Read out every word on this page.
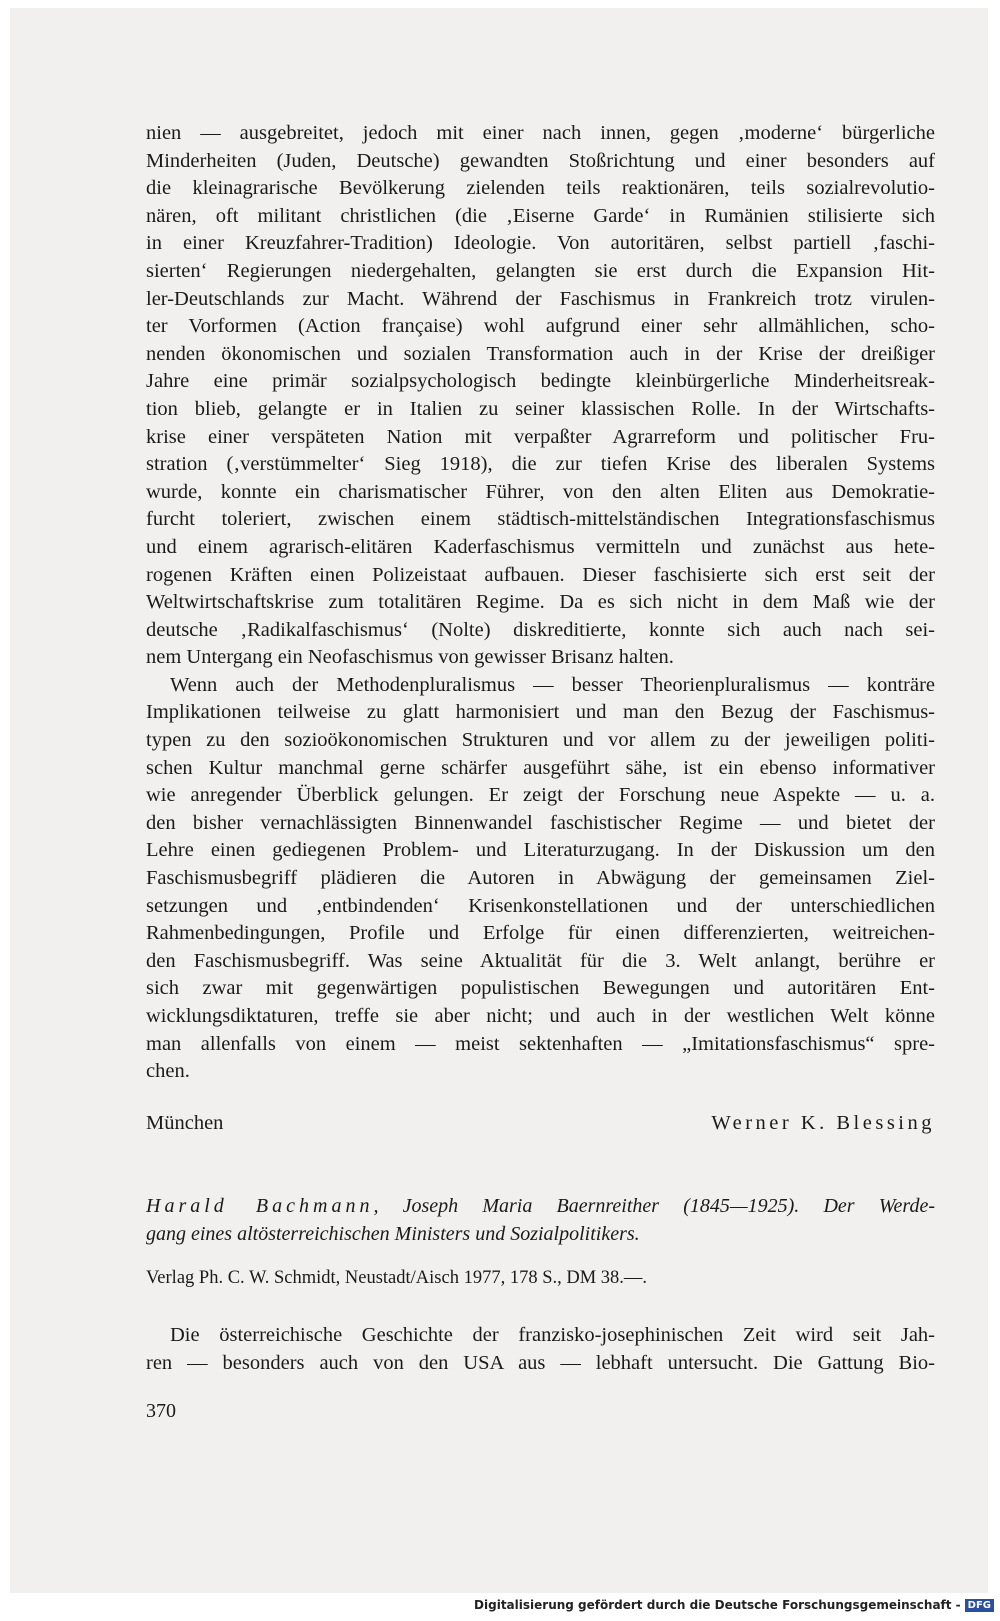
nien — ausgebreitet, jedoch mit einer nach innen, gegen ‚moderne‘ bürgerliche
Minderheiten (Juden, Deutsche) gewandten Stoßrichtung und einer besonders auf
die kleinagrarische Bevölkerung zielenden teils reaktionären, teils sozialrevolutio-
nären, oft militant christlichen (die ‚Eiserne Garde‘ in Rumänien stilisierte sich
in einer Kreuzfahrer-Tradition) Ideologie. Von autoritären, selbst partiell ‚faschi-
sierten‘ Regierungen niedergehalten, gelangten sie erst durch die Expansion Hit-
ler-Deutschlands zur Macht. Während der Faschismus in Frankreich trotz virulen-
ter Vorformen (Action française) wohl aufgrund einer sehr allmählichen, scho-
nenden ökonomischen und sozialen Transformation auch in der Krise der dreißiger
Jahre eine primär sozialpsychologisch bedingte kleinbürgerliche Minderheitsreak-
tion blieb, gelangte er in Italien zu seiner klassischen Rolle. In der Wirtschafts-
krise einer verspäteten Nation mit verpaßter Agrarreform und politischer Fru-
stration (‚verstümmelter‘ Sieg 1918), die zur tiefen Krise des liberalen Systems
wurde, konnte ein charismatischer Führer, von den alten Eliten aus Demokratie-
furcht toleriert, zwischen einem städtisch-mittelständischen Integrationsfaschismus
und einem agrarisch-elitären Kaderfaschismus vermitteln und zunächst aus hete-
rogenen Kräften einen Polizeistaat aufbauen. Dieser faschisierte sich erst seit der
Weltwirtschaftskrise zum totalitären Regime. Da es sich nicht in dem Maß wie der
deutsche ‚Radikalfaschismus‘ (Nolte) diskreditierte, konnte sich auch nach sei-
nem Untergang ein Neofaschismus von gewisser Brisanz halten.
Wenn auch der Methodenpluralismus — besser Theorienpluralismus — konträre
Implikationen teilweise zu glatt harmonisiert und man den Bezug der Faschismus-
typen zu den sozioökonomischen Strukturen und vor allem zu der jeweiligen politi-
schen Kultur manchmal gerne schärfer ausgeführt sähe, ist ein ebenso informativer
wie anregender Überblick gelungen. Er zeigt der Forschung neue Aspekte — u. a.
den bisher vernachlässigten Binnenwandel faschistischer Regime — und bietet der
Lehre einen gediegenen Problem- und Literaturzugang. In der Diskussion um den
Faschismusbegriff plädieren die Autoren in Abwägung der gemeinsamen Ziel-
setzungen und ‚entbindenden‘ Krisenkonstellationen und der unterschiedlichen
Rahmenbedingungen, Profile und Erfolge für einen differenzierten, weitreichen-
den Faschismusbegriff. Was seine Aktualität für die 3. Welt anlangt, berühre er
sich zwar mit gegenwärtigen populistischen Bewegungen und autoritären Ent-
wicklungsdiktaturen, treffe sie aber nicht; und auch in der westlichen Welt könne
man allenfalls von einem — meist sektenhaften — „Imitationsfaschismus“ spre-
chen.
München	Werner K. Blessing
Harald Bachmann, Joseph Maria Baernreither (1845—1925). Der Werde-
gang eines altösterreichischen Ministers und Sozialpolitikers.
Verlag Ph. C. W. Schmidt, Neustadt/Aisch 1977, 178 S., DM 38.—.
Die österreichische Geschichte der franzisko-josephinischen Zeit wird seit Jah-
ren — besonders auch von den USA aus — lebhaft untersucht. Die Gattung Bio-
370
Digitalisierung gefördert durch die Deutsche Forschungsgemeinschaft - DFG
